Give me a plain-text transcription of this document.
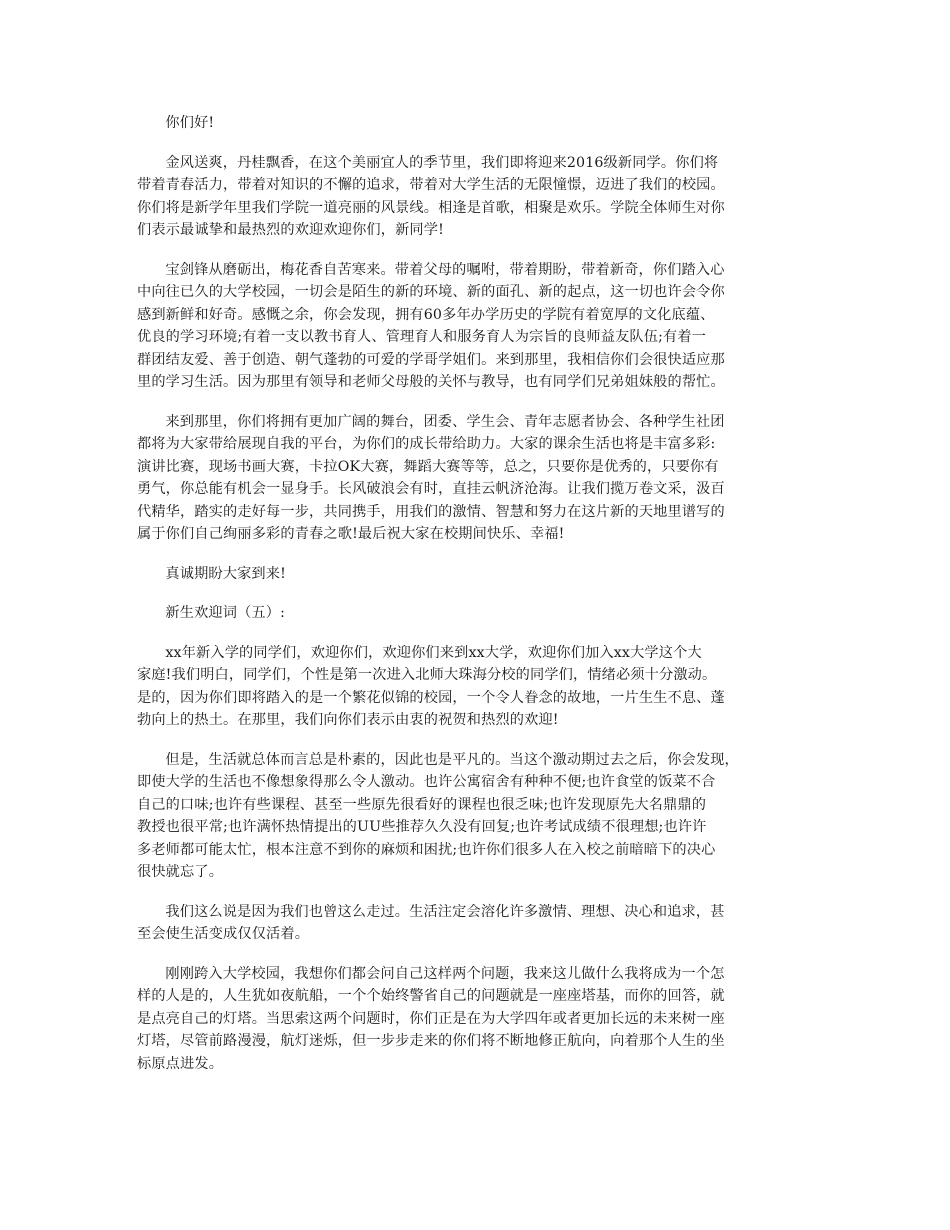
你们好!
金风送爽，丹桂飘香，在这个美丽宜人的季节里，我们即将迎来2016级新同学。你们将
带着青春活力，带着对知识的不懈的追求，带着对大学生活的无限憧憬，迈进了我们的校园。
你们将是新学年里我们学院一道亮丽的风景线。相逢是首歌，相聚是欢乐。学院全体师生对你
们表示最诚挚和最热烈的欢迎欢迎你们，新同学!
宝剑锋从磨砺出，梅花香自苦寒来。带着父母的嘱咐，带着期盼，带着新奇，你们踏入心
中向往已久的大学校园，一切会是陌生的新的环境、新的面孔、新的起点，这一切也许会令你
感到新鲜和好奇。感慨之余，你会发现，拥有60多年办学历史的学院有着宽厚的文化底蕴、
优良的学习环境;有着一支以教书育人、管理育人和服务育人为宗旨的良师益友队伍;有着一
群团结友爱、善于创造、朝气蓬勃的可爱的学哥学姐们。来到那里，我相信你们会很快适应那
里的学习生活。因为那里有领导和老师父母般的关怀与教导，也有同学们兄弟姐妹般的帮忙。
来到那里，你们将拥有更加广阔的舞台，团委、学生会、青年志愿者协会、各种学生社团
都将为大家带给展现自我的平台，为你们的成长带给助力。大家的课余生活也将是丰富多彩:
演讲比赛，现场书画大赛，卡拉OK大赛，舞蹈大赛等等，总之，只要你是优秀的，只要你有
勇气，你总能有机会一显身手。长风破浪会有时，直挂云帆济沧海。让我们揽万卷文采，汲百
代精华，踏实的走好每一步，共同携手，用我们的激情、智慧和努力在这片新的天地里谱写的
属于你们自己绚丽多彩的青春之歌!最后祝大家在校期间快乐、幸福!
真诚期盼大家到来!
新生欢迎词（五）:
xx年新入学的同学们，欢迎你们，欢迎你们来到xx大学，欢迎你们加入xx大学这个大
家庭!我们明白，同学们，个性是第一次进入北师大珠海分校的同学们，情绪必须十分激动。
是的，因为你们即将踏入的是一个繁花似锦的校园，一个令人眷念的故地，一片生生不息、蓬
勃向上的热土。在那里，我们向你们表示由衷的祝贺和热烈的欢迎!
但是，生活就总体而言总是朴素的，因此也是平凡的。当这个激动期过去之后，你会发现，
即使大学的生活也不像想象得那么令人激动。也许公寓宿舍有种种不便;也许食堂的饭菜不合
自己的口味;也许有些课程、甚至一些原先很看好的课程也很乏味;也许发现原先大名鼎鼎的
教授也很平常;也许满怀热情提出的UU些推荐久久没有回复;也许考试成绩不很理想;也许许
多老师都可能太忙，根本注意不到你的麻烦和困扰;也许你们很多人在入校之前暗暗下的决心
很快就忘了。
我们这么说是因为我们也曾这么走过。生活注定会溶化许多激情、理想、决心和追求，甚
至会使生活变成仅仅活着。
刚刚跨入大学校园，我想你们都会问自己这样两个问题，我来这儿做什么我将成为一个怎
样的人是的，人生犹如夜航船，一个个始终警省自己的问题就是一座座塔基，而你的回答，就
是点亮自己的灯塔。当思索这两个问题时，你们正是在为大学四年或者更加长远的未来树一座
灯塔，尽管前路漫漫，航灯迷烁，但一步步走来的你们将不断地修正航向，向着那个人生的坐
标原点进发。
